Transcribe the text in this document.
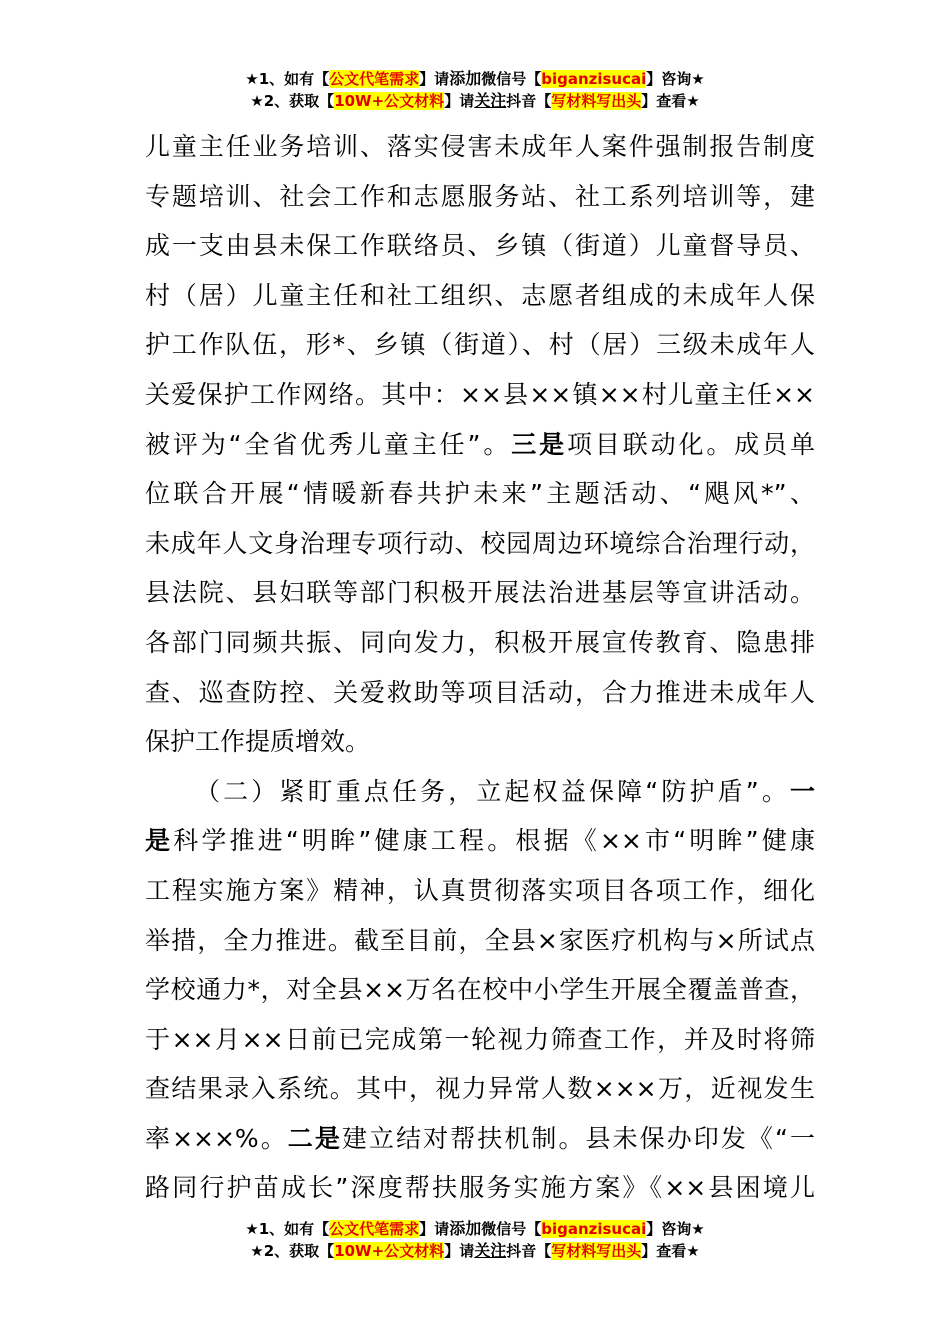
★1、如有【公文代笔需求】请添加微信号【biganzisucai】咨询★
★2、获取【10W+公文材料】请关注抖音【写材料写出头】查看★

儿童主任业务培训、落实侵害未成年人案件强制报告制度
专题培训、社会工作和志愿服务站、社工系列培训等，建
成一支由县未保工作联络员、乡镇（街道）儿童督导员、
村（居）儿童主任和社工组织、志愿者组成的未成年人保
护工作队伍，形*、乡镇（街道）、村（居）三级未成年人
关爱保护工作网络。其中：××县××镇××村儿童主任××
被评为“全省优秀儿童主任”。三是项目联动化。成员单
位联合开展“情暖新春共护未来”主题活动、“飓风*”、
未成年人文身治理专项行动、校园周边环境综合治理行动，
县法院、县妇联等部门积极开展法治进基层等宣讲活动。
各部门同频共振、同向发力，积极开展宣传教育、隐患排
查、巡查防控、关爱救助等项目活动，合力推进未成年人
保护工作提质增效。

（二）紧盯重点任务，立起权益保障“防护盾”。一
是科学推进“明眸”健康工程。根据《××市“明眸”健康
工程实施方案》精神，认真贯彻落实项目各项工作，细化
举措，全力推进。截至目前，全县×家医疗机构与×所试点
学校通力*，对全县××万名在校中小学生开展全覆盖普查，
于××月××日前已完成第一轮视力筛查工作，并及时将筛
查结果录入系统。其中，视力异常人数×××万，近视发生
率×××%。二是建立结对帮扶机制。县未保办印发《“一
路同行护苗成长”深度帮扶服务实施方案》《××县困境儿

★1、如有【公文代笔需求】请添加微信号【biganzisucai】咨询★
★2、获取【10W+公文材料】请关注抖音【写材料写出头】查看★
